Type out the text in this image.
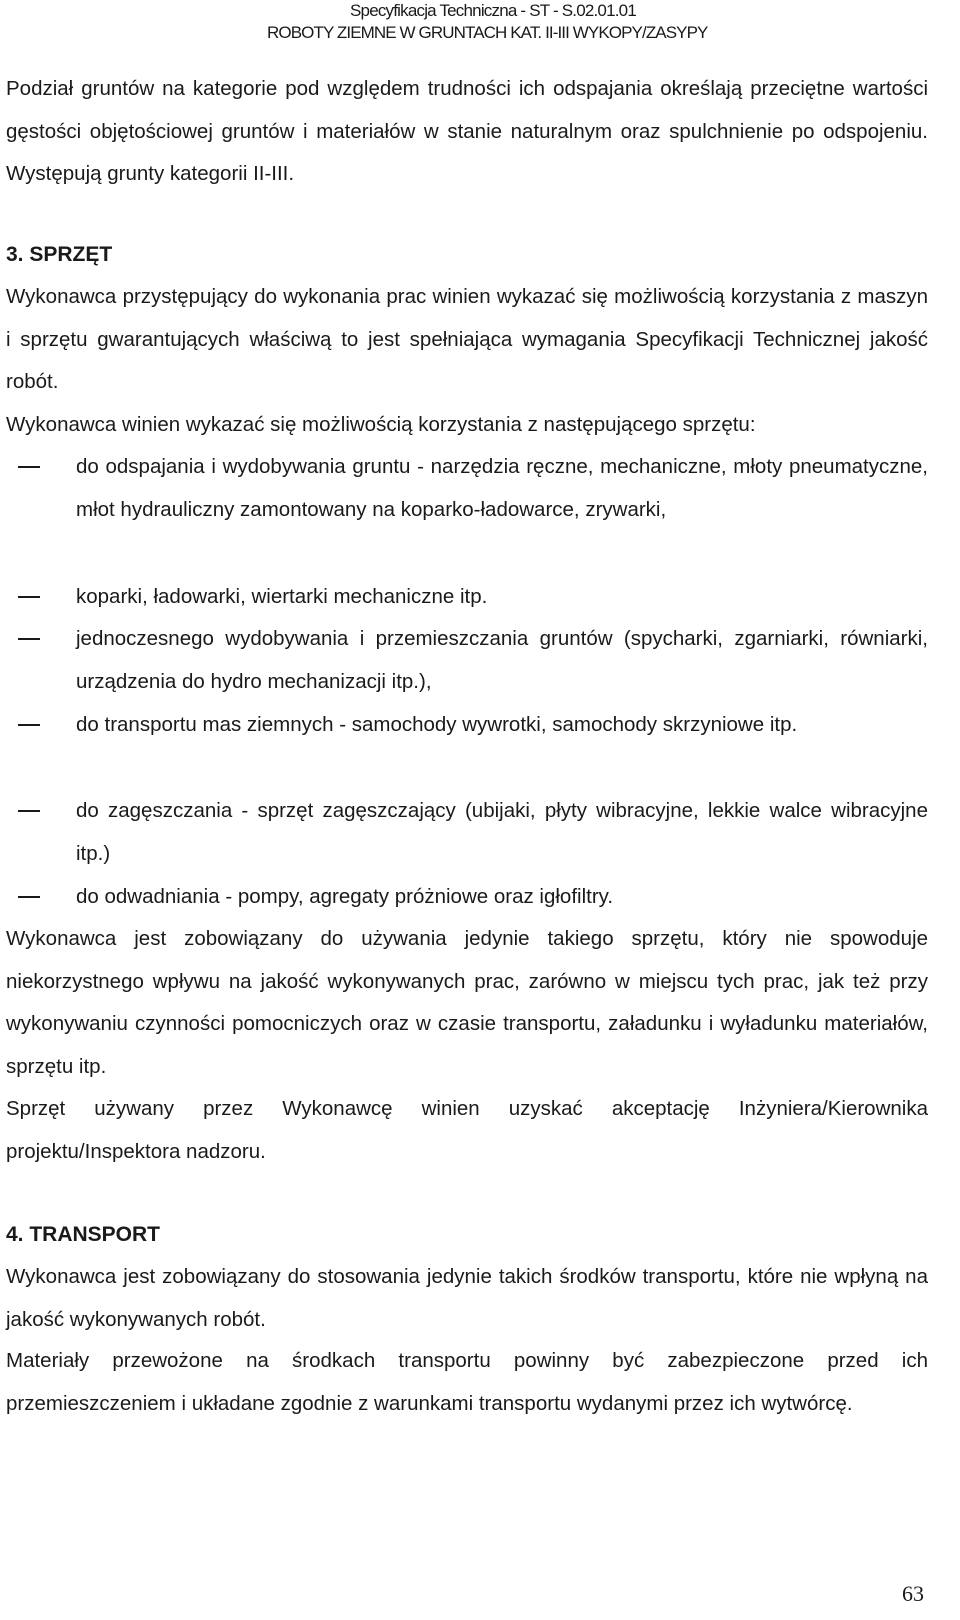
Specyfikacja Techniczna - ST - S.02.01.01
ROBOTY ZIEMNE W GRUNTACH KAT. II-III WYKOPY/ZASYPY
Podział gruntów na kategorie pod względem trudności ich odspajania określają przeciętne wartości gęstości objętościowej gruntów i materiałów w stanie naturalnym oraz spulchnienie po odspojeniu. Występują grunty kategorii II-III.
3. SPRZĘT
Wykonawca przystępujący do wykonania prac winien wykazać się możliwością korzystania z maszyn i sprzętu gwarantujących właściwą to jest spełniająca wymagania Specyfikacji Technicznej jakość robót.
Wykonawca winien wykazać się możliwością korzystania z następującego sprzętu:
do odspajania i wydobywania gruntu - narzędzia ręczne, mechaniczne, młoty pneumatyczne, młot hydrauliczny zamontowany na koparko-ładowarce, zrywarki,
koparki, ładowarki, wiertarki mechaniczne itp.
jednoczesnego wydobywania i przemieszczania gruntów (spycharki, zgarniarki, równiarki, urządzenia do hydro mechanizacji itp.),
do transportu mas ziemnych - samochody wywrotki, samochody skrzyniowe itp.
do zagęszczania - sprzęt zagęszczający (ubijaki, płyty wibracyjne, lekkie walce wibracyjne itp.)
do odwadniania - pompy, agregaty próżniowe oraz igłofiltry.
Wykonawca jest zobowiązany do używania jedynie takiego sprzętu, który nie spowoduje niekorzystnego wpływu na jakość wykonywanych prac, zarówno w miejscu tych prac, jak też przy wykonywaniu czynności pomocniczych oraz w czasie transportu, załadunku i wyładunku materiałów, sprzętu itp.
Sprzęt używany przez Wykonawcę winien uzyskać akceptację Inżyniera/Kierownika projektu/Inspektora nadzoru.
4. TRANSPORT
Wykonawca jest zobowiązany do stosowania jedynie takich środków transportu, które nie wpłyną na jakość wykonywanych robót.
Materiały przewożone na środkach transportu powinny być zabezpieczone przed ich przemieszczeniem i układane zgodnie z warunkami transportu wydanymi przez ich wytwórcę.
63
